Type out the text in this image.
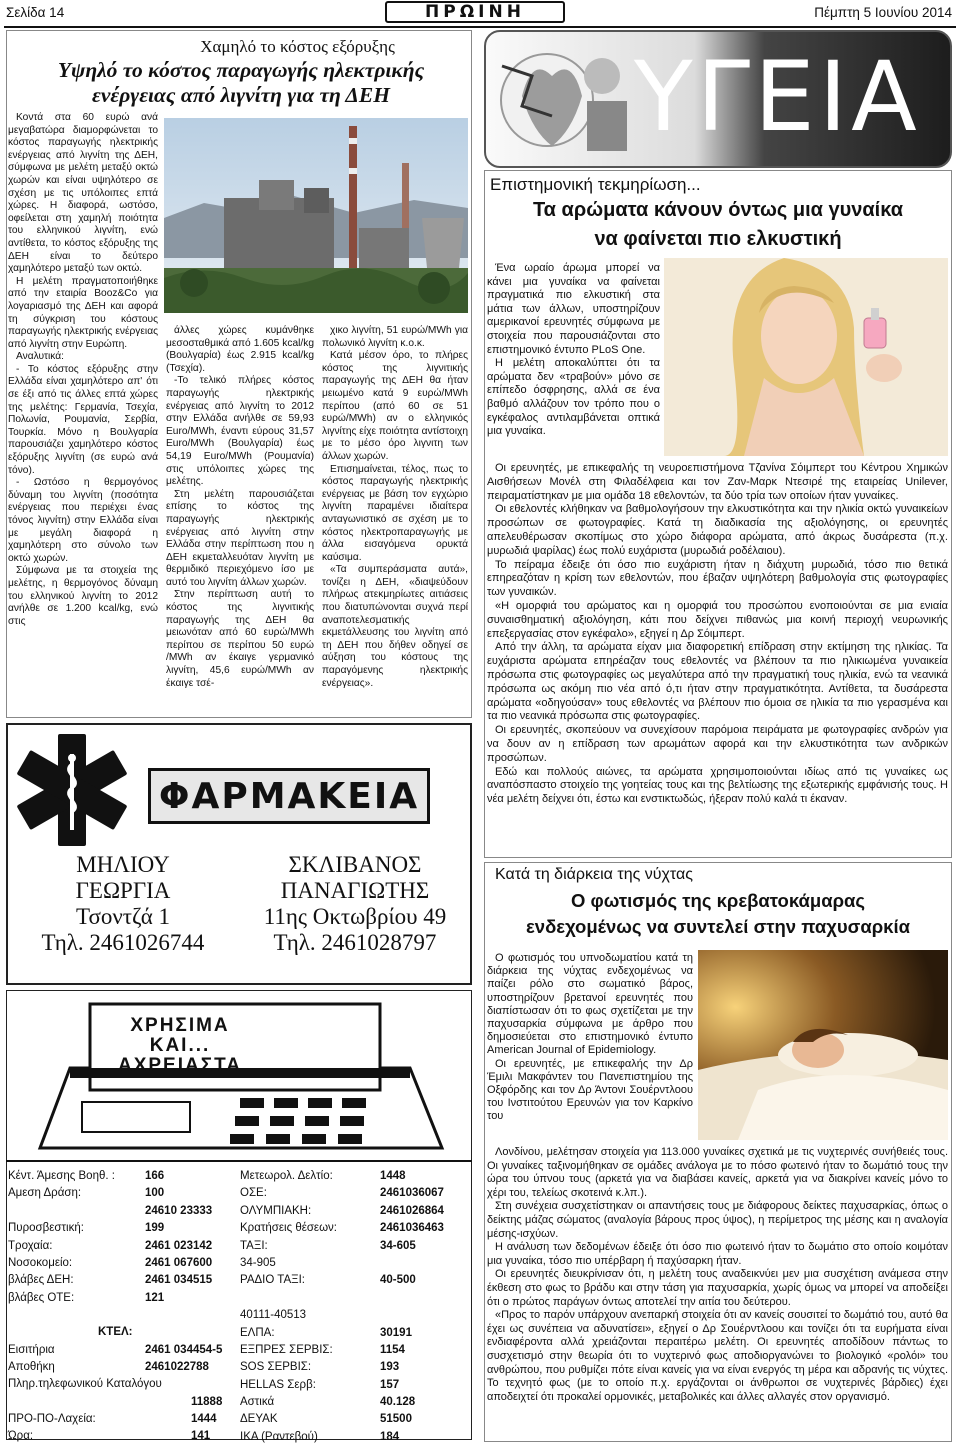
Σελίδα 14	ΠΡΩΙΝΗ	Πέμπτη 5 Ιουνίου 2014
Χαμηλό το κόστος εξόρυξης
Υψηλό το κόστος παραγωγής ηλεκτρικής
ενέργειας από λιγνίτη για τη ΔΕΗ

Κοντά στα 60 ευρώ ανά μεγαβατώρα διαμορφώνεται το κόστος παραγωγής ηλεκτρικής ενέργειας από λιγνίτη της ΔΕΗ, σύμφωνα με μελέτη μεταξύ οκτώ χωρών και είναι υψηλότερο σε σχέση με τις υπόλοιπες επτά χώρες. Η διαφορά, ωστόσο, οφείλεται στη χαμηλή ποιότητα του ελληνικού λιγνίτη, ενώ αντίθετα, το κόστος εξόρυξης της ΔΕΗ είναι το δεύτερο χαμηλότερο μεταξύ των οκτώ.

Η μελέτη πραγματοποιήθηκε από την εταιρία Booz&Co για λογαριασμό της ΔΕΗ και αφορά τη σύγκριση του κόστους παραγωγής ηλεκτρικής ενέργειας από λιγνίτη στην Ευρώπη.

Αναλυτικά:

- Το κόστος εξόρυξης στην Ελλάδα είναι χαμηλότερο απ' ότι σε έξι από τις άλλες επτά χώρες της μελέτης: Γερμανία, Τσεχία, Πολωνία, Ρουμανία, Σερβία, Τουρκία. Μόνο η Βουλγαρία παρουσιάζει χαμηλότερο κόστος εξόρυξης λιγνίτη (σε ευρώ ανά τόνο).

- Ωστόσο η θερμογόνος δύναμη του λιγνίτη (ποσότητα ενέργειας που περιέχει ένας τόνος λιγνίτη) στην Ελλάδα είναι με μεγάλη διαφορά η χαμηλότερη στο σύνολο των οκτώ χωρών.

Σύμφωνα με τα στοιχεία της μελέτης, η θερμογόνος δύναμη του ελληνικού λιγνίτη το 2012 ανήλθε σε 1.200 kcal/kg, ενώ στις

άλλες χώρες κυμάνθηκε μεσοσταθμικά από 1.605 kcal/kg (Βουλγαρία) έως 2.915 kcal/kg (Τσεχία).

-Το τελικό πλήρες κόστος παραγωγής ηλεκτρικής ενέργειας από λιγνίτη το 2012 στην Ελλάδα ανήλθε σε 59,93 Euro/MWh, έναντι εύρους 31,57 Euro/MWh (Βουλγαρία) έως 54,19 Euro/MWh (Ρουμανία) στις υπόλοιπες χώρες της μελέτης.

Στη μελέτη παρουσιάζεται επίσης το κόστος της παραγωγής ηλεκτρικής ενέργειας από λιγνίτη στην Ελλάδα στην περίπτωση που η ΔΕΗ εκμεταλλευόταν λιγνίτη με θερμιδικό περιεχόμενο ίσο με αυτό του λιγνίτη άλλων χωρών.

Στην περίπτωση αυτή το κόστος της λιγνιτικής παραγωγής της ΔΕΗ θα μειωνόταν από 60 ευρώ/MWh περίπου σε περίπου 50 ευρώ /MWh αν έκαιγε γερμανικό λιγνίτη, 45,6 ευρώ/MWh αν έκαιγε τσέ-

χικο λιγνίτη, 51 ευρώ/MWh για πολωνικό λιγνίτη κ.ο.κ.

Κατά μέσον όρο, το πλήρες κόστος της λιγνιτικής παραγωγής της ΔΕΗ θα ήταν μειωμένο κατά 9 ευρώ/MWh περίπου (από 60 σε 51 ευρώ/MWh) αν ο ελληνικός λιγνίτης είχε ποιότητα αντίστοιχη με το μέσο όρο λιγνιτη των άλλων χωρών.

Επισημαίνεται, τέλος, πως το κόστος παραγωγής ηλεκτρικής ενέργειας με βάση τον εγχώριο λιγνίτη παραμένει ιδιαίτερα ανταγωνιστικό σε σχέση με το κόστος ηλεκτροπαραγωγής με άλλα εισαγόμενα ορυκτά καύσιμα.

«Τα συμπεράσματα αυτά», τονίζει η ΔΕΗ, «διαψεύδουν πλήρως ατεκμηρίωτες αιτιάσεις που διατυπώνονται συχνά περί αναποτελεσματικής εκμετάλλευσης του λιγνίτη από τη ΔΕΗ που δήθεν οδηγεί σε αύξηση του κόστους της παραγόμενης ηλεκτρικής ενέργειας».

ΦΑΡΜΑΚΕΙΑ
ΜΗΛΙΟΥ
ΓΕΩΡΓΙΑ
Τσοντζά 1
Τηλ. 2461026744
ΣΚΛΙΒΑΝΟΣ
ΠΑΝΑΓΙΩΤΗΣ
11ης Οκτωβρίου 49
Τηλ. 2461028797
ΧΡΗΣΙΜΑ
ΚΑΙ...
ΑΧΡΕΙΑΣΤΑ
Κέντ. Άμεσης Βοηθ. :	166
Αμεση Δράση:	100
24610 23333
Πυροσβεστική:	199
Τροχαία:	2461 023142
Νοσοκομείο:	2461 067600
βλάβες ΔΕΗ:	2461 034515
βλάβες ΟΤΕ:	121
ΚΤΕΛ:
Εισιτήρια	2461 034454-5
Αποθήκη	2461022788
Πληρ.τηλεφωνικού Καταλόγου
11888
ΠΡΟ-ΠΟ-Λαχεία:	1444
Ώρα:	141
Μετεωρολ. Δελτίο:	1448
ΟΣΕ:	2461036067
ΟΛΥΜΠΙΑΚΗ:	2461026864
Κρατήσεις θέσεων:	2461036463
ΤΑΞΙ:	34-605
34-905
ΡΑΔΙΟ ΤΑΞΙ:	40-500
40111-40513
ΕΛΠΑ:	30191
ΕΞΠΡΕΣ ΣΕΡΒΙΣ:	1154
SOS ΣΕΡΒΙΣ:	193
HELLAS Σερβ:	157
Αστικά	40.128
ΔΕΥΑΚ	51500
ΙΚΑ (Ραντεβού)	184
ΥΓΕΙΑ
Επιστημονική τεκμηρίωση...
Τα αρώματα κάνουν όντως μια γυναίκα
να φαίνεται πιο ελκυστική

Ένα ωραίο άρωμα μπορεί να κάνει μια γυναίκα να φαίνεται πραγματικά πιο ελκυστική στα μάτια των άλλων, υποστηρίζουν αμερικανοί ερευνητές σύμφωνα με στοιχεία που παρουσιάζονται στο επιστημονικό έντυπο PLoS One.

Η μελέτη αποκαλύπτει ότι τα αρώματα δεν «τραβούν» μόνο σε επίπεδο όσφρησης, αλλά σε ένα βαθμό αλλάζουν τον τρόπο που ο εγκέφαλος αντιλαμβάνεται οπτικά μια γυναίκα.

Οι ερευνητές, με επικεφαλής τη νευροεπιστήμονα Τζανίνα Σόιμπερτ του Κέντρου Χημικών Αισθήσεων Μονέλ στη Φιλαδέλφεια και τον Ζαν-Μαρκ Ντεσιρέ της εταιρείας Unilever, πειραματίστηκαν με μια ομάδα 18 εθελοντών, τα δύο τρία των οποίων ήταν γυναίκες.

Οι εθελοντές κλήθηκαν να βαθμολογήσουν την ελκυστικότητα και την ηλικία οκτώ γυναικείων προσώπων σε φωτογραφίες. Κατά τη διαδικασία της αξιολόγησης, οι ερευνητές απελευθέρωσαν σκοπίμως στο χώρο διάφορα αρώματα, από άκρως δυσάρεστα (π.χ. μυρωδιά ψαρίλας) έως πολύ ευχάριστα (μυρωδιά ροδέλαιου).

Το πείραμα έδειξε ότι όσο πιο ευχάριστη ήταν η διάχυτη μυρωδιά, τόσο πιο θετικά επηρεαζόταν η κρίση των εθελοντών, που έβαζαν υψηλότερη βαθμολογία στις φωτογραφίες των γυναικών.

«Η ομορφιά του αρώματος και η ομορφιά του προσώπου ενοποιούνται σε μια ενιαία συναισθηματική αξιολόγηση, κάτι που δείχνει πιθανώς μια κοινή περιοχή νευρωνικής επεξεργασίας στον εγκέφαλο», εξηγεί η Δρ Σόιμπερτ.

Από την άλλη, τα αρώματα είχαν μια διαφορετική επίδραση στην εκτίμηση της ηλικίας. Τα ευχάριστα αρώματα επηρέαζαν τους εθελοντές να βλέπουν τα πιο ηλικιωμένα γυναικεία πρόσωπα στις φωτογραφίες ως μεγαλύτερα από την πραγματική τους ηλικία, ενώ τα νεανικά πρόσωπα ως ακόμη πιο νέα από ό,τι ήταν στην πραγματικότητα. Αντίθετα, τα δυσάρεστα αρώματα «οδηγούσαν» τους εθελοντές να βλέπουν πιο όμοια σε ηλικία τα πιο γερασμένα και τα πιο νεανικά πρόσωπα στις φωτογραφίες.

Οι ερευνητές, σκοπεύουν να συνεχίσουν παρόμοια πειράματα με φωτογραφίες ανδρών για να δουν αν η επίδραση των αρωμάτων αφορά και την ελκυστικότητα των ανδρικών προσώπων.

Εδώ και πολλούς αιώνες, τα αρώματα χρησιμοποιούνται ιδίως από τις γυναίκες ως αναπόσπαστο στοιχείο της γοητείας τους και της βελτίωσης της εξωτερικής εμφάνισής τους. Η νέα μελέτη δείχνει ότι, έστω και ενστικτωδώς, ήξεραν πολύ καλά τι έκαναν.

Κατά τη διάρκεια της νύχτας
Ο φωτισμός της κρεβατοκάμαρας
ενδεχομένως να συντελεί στην παχυσαρκία

Ο φωτισμός του υπνοδωματίου κατά τη διάρκεια της νύχτας ενδεχομένως να παίζει ρόλο στο σωματικό βάρος, υποστηρίζουν βρετανοί ερευνητές που διαπίστωσαν ότι το φως σχετίζεται με την παχυσαρκία σύμφωνα με άρθρο που δημοσιεύεται στο επιστημονικό έντυπο American Journal of Epidemiology.

Οι ερευνητές, με επικεφαλής την Δρ Έμιλι Μακφάντεν του Πανεπιστημίου της Οξφόρδης και τον Δρ Άντονι Σουέρντλοου του Ινστιτούτου Ερευνών για τον Καρκίνο του

Λονδίνου, μελέτησαν στοιχεία για 113.000 γυναίκες σχετικά με τις νυχτερινές συνήθειές τους. Οι γυναίκες ταξινομήθηκαν σε ομάδες ανάλογα με το πόσο φωτεινό ήταν το δωμάτιό τους την ώρα του ύπνου τους (αρκετά για να διαβάσει κανείς, αρκετά για να διακρίνει κανείς μόνο το χέρι του, τελείως σκοτεινά κ.λπ.).

Στη συνέχεια συσχετίστηκαν οι απαντήσεις τους με διάφορους δείκτες παχυσαρκίας, όπως ο δείκτης μάζας σώματος (αναλογία βάρους προς ύψος), η περίμετρος της μέσης και η αναλογία μέσης-ισχύων.

Η ανάλυση των δεδομένων έδειξε ότι όσο πιο φωτεινό ήταν το δωμάτιο στο οποίο κοιμόταν μια γυναίκα, τόσο πιο υπέρβαρη ή παχύσαρκη ήταν.

Οι ερευνητές διευκρίνισαν ότι, η μελέτη τους αναδεικνύει μεν μια συσχέτιση ανάμεσα στην έκθεση στο φως το βράδυ και στην τάση για παχυσαρκία, χωρίς όμως να μπορεί να αποδείξει ότι ο πρώτος παράγων όντως αποτελεί την αιτία του δεύτερου.

«Προς το παρόν υπάρχουν ανεπαρκή στοιχεία ότι αν κανείς σουσιτεί το δωμάτιό του, αυτό θα έχει ως συνέπεια να αδυνατίσει», εξηγεί ο Δρ Σουέρντλοου και τονίζει ότι τα ευρήματα είναι ενδιαφέροντα αλλά χρειάζονται περαιτέρω μελέτη. Οι ερευνητές αποδίδουν πάντως το συσχετισμό στην θεωρία ότι το νυχτερινό φως αποδιοργανώνει το βιολογικό «ρολόι» του ανθρώπου, που ρυθμίζει πότε είναι κανείς για να είναι ενεργός τη μέρα και αδρανής τις νύχτες. Το τεχνητό φως (με το οποίο π.χ. εργάζονται οι άνθρωποι σε νυχτερινές βάρδιες) έχει αποδειχτεί ότι προκαλεί ορμονικές, μεταβολικές και άλλες αλλαγές στον οργανισμό.
